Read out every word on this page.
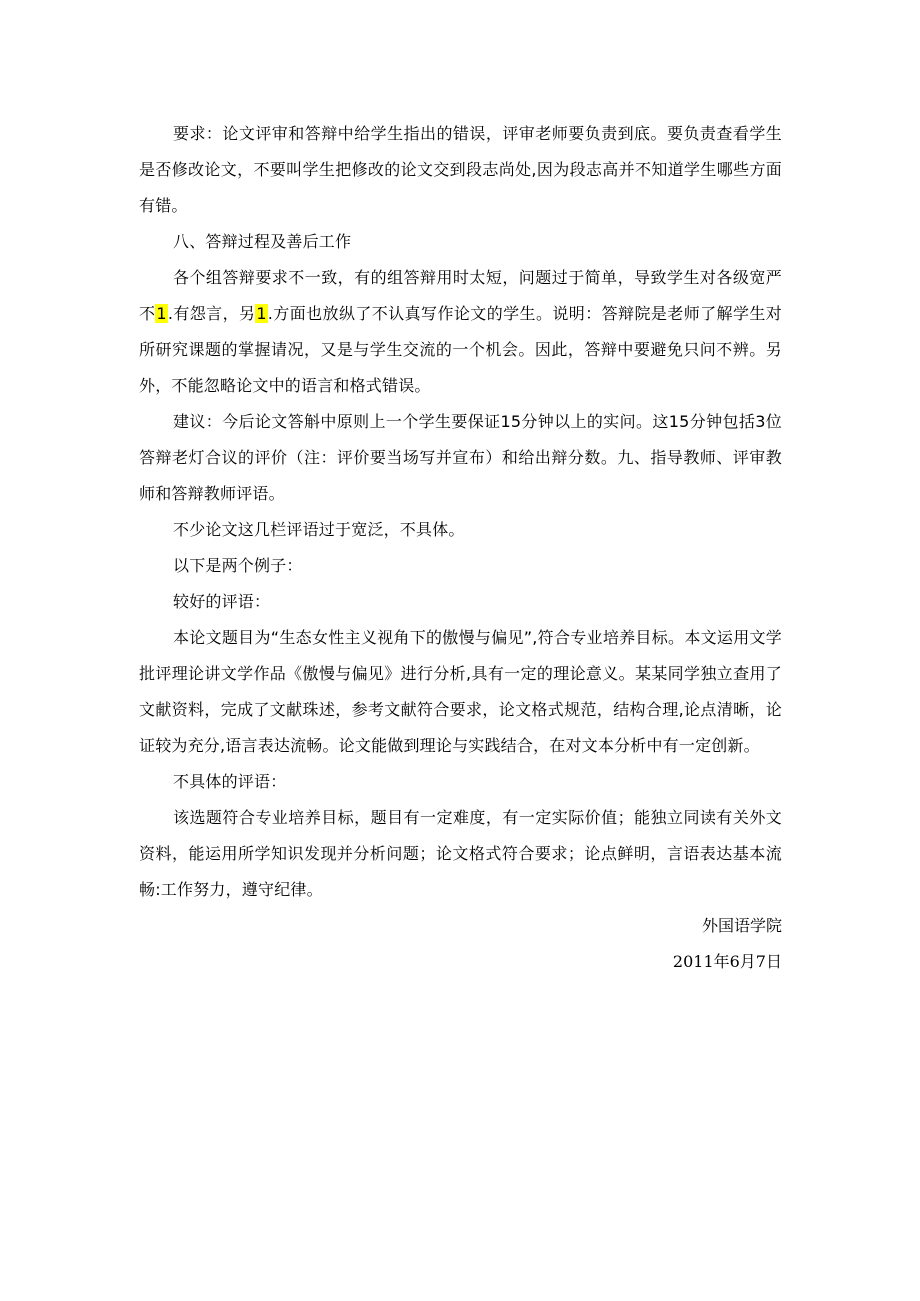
要求：论文评审和答辩中给学生指出的错误，评审老师要负责到底。要负责查看学生是否修改论文，不要叫学生把修改的论文交到段志尚处,因为段志高并不知道学生哪些方面有错。

八、答辩过程及善后工作

各个组答辩要求不一致，有的组答辩用时太短，问题过于简单，导致学生对各级宽严不1.有怨言，另1.方面也放纵了不认真写作论文的学生。说明：答辩院是老师了解学生对所研究课题的掌握请况，又是与学生交流的一个机会。因此，答辩中要避免只问不辨。另外，不能忽略论文中的语言和格式错误。

建议：今后论文答斛中原则上一个学生要保证15分钟以上的实问。这15分钟包括3位答辩老灯合议的评价（注：评价要当场写并宣布）和给出辩分数。九、指导教师、评审教师和答辩教师评语。

不少论文这几栏评语过于宽泛，不具体。

以下是两个例子：

较好的评语：

本论文题目为“生态女性主义视角下的傲慢与偏见”,符合专业培养目标。本文运用文学批评理论讲文学作品《傲慢与偏见》进行分析,具有一定的理论意义。某某同学独立查用了文献资料，完成了文献珠述，参考文献符合要求，论文格式规范，结构合理,论点清晰，论证较为充分,语言表达流畅。论文能做到理论与实践结合，在对文本分析中有一定创新。

不具体的评语：

该选题符合专业培养目标，题目有一定难度，有一定实际价值；能独立同读有关外文资料，能运用所学知识发现并分析问题；论文格式符合要求；论点鲜明，言语表达基本流畅:工作努力，遵守纪律。

外国语学院

2011年6月7日
